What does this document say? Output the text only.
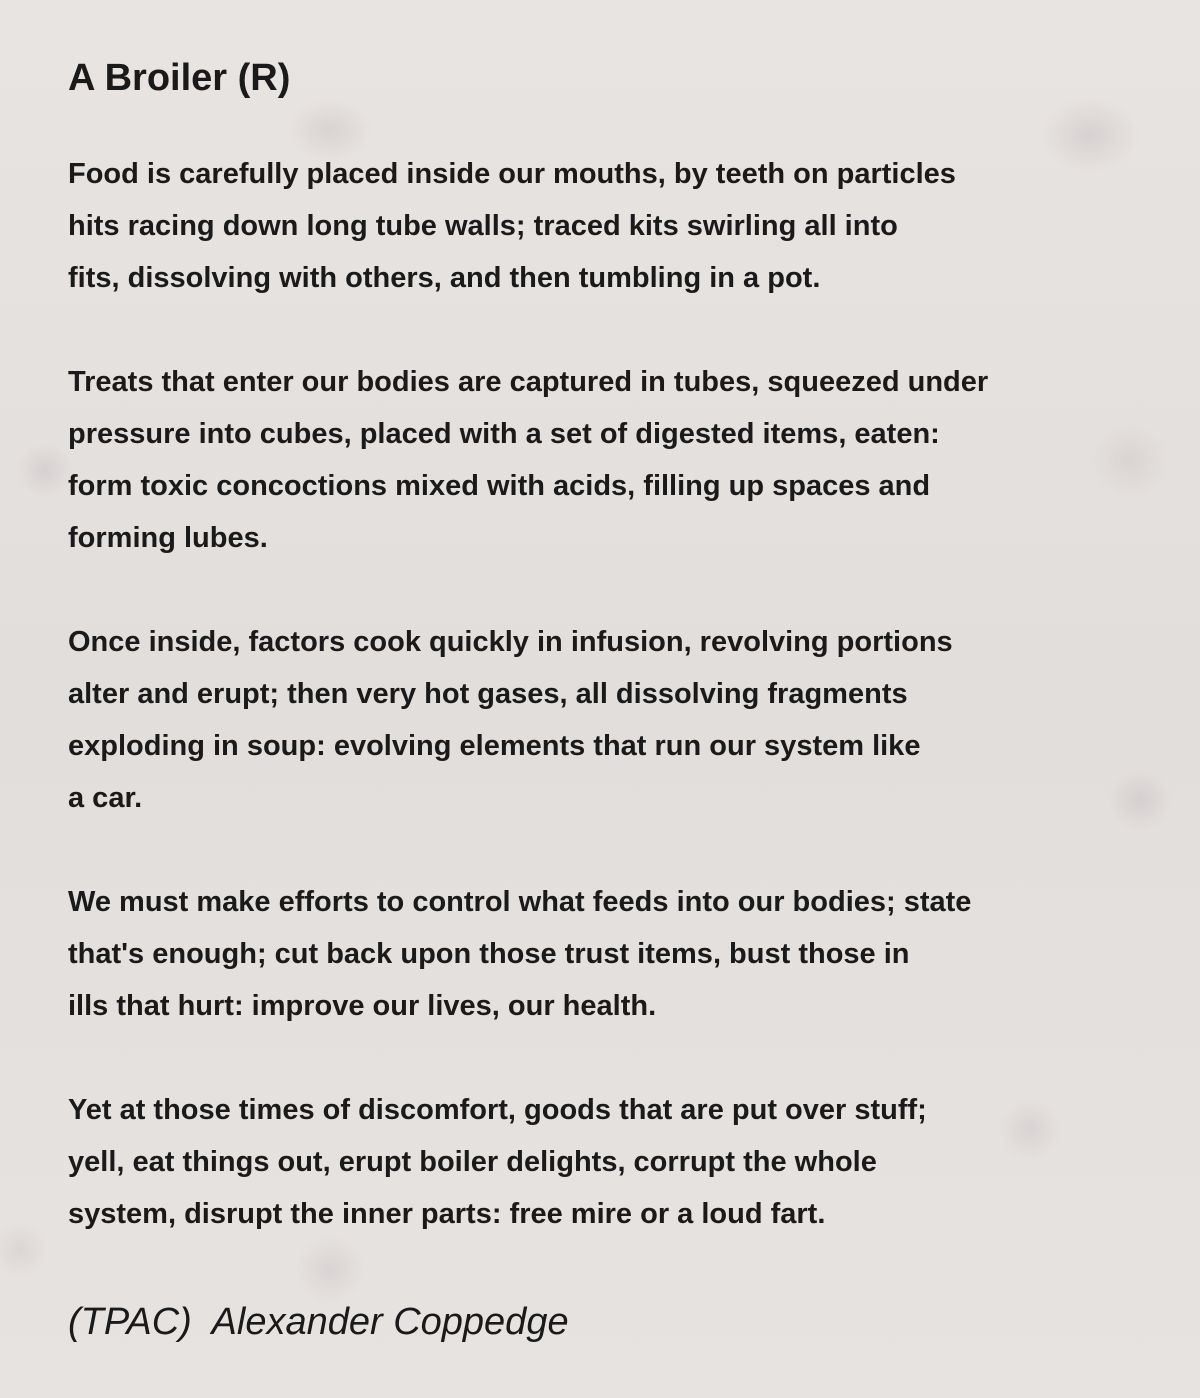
A Broiler (R)
Food is carefully placed inside our mouths, by teeth on particles
hits racing down long tube walls; traced kits swirling all into
fits, dissolving with others, and then tumbling in a pot.
Treats that enter our bodies are captured in tubes, squeezed under
pressure into cubes, placed with a set of digested items, eaten:
form toxic concoctions mixed with acids, filling up spaces and
forming lubes.
Once inside, factors cook quickly in infusion, revolving portions
alter and erupt; then very hot gases, all dissolving fragments
exploding in soup: evolving elements that run our system like
a car.
We must make efforts to control what feeds into our bodies; state
that's enough; cut back upon those trust items, bust those in
ills that hurt: improve our lives, our health.
Yet at those times of discomfort, goods that are put over stuff;
yell, eat things out, erupt boiler delights, corrupt the whole
system, disrupt the inner parts: free mire or a loud fart.
(TPAC)  Alexander Coppedge
